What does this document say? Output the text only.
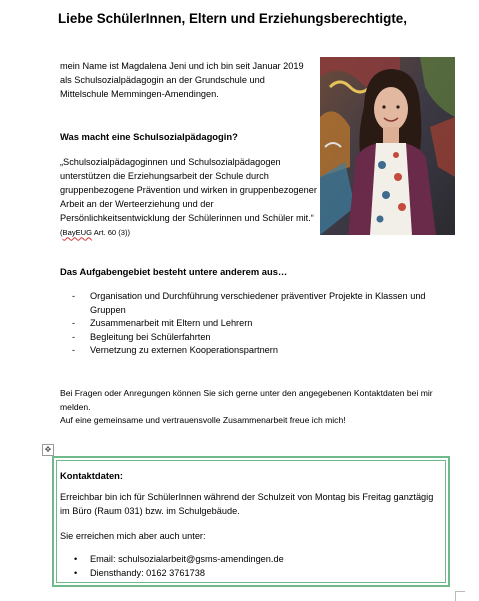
Liebe SchülerInnen, Eltern und Erziehungsberechtigte,
mein Name ist Magdalena Jeni und ich bin seit Januar 2019 als Schulsozialpädagogin an der Grundschule und Mittelschule Memmingen-Amendingen.
Was macht eine Schulsozialpädagogin?
„Schulsozialpädagoginnen und Schulsozialpädagogen unterstützen die Erziehungsarbeit der Schule durch gruppenbezogene Prävention und wirken in gruppenbezogener Arbeit an der Werteerziehung und der Persönlichkeitsentwicklung der Schülerinnen und Schüler mit.“ (BayEUG Art. 60 (3))
Das Aufgabengebiet besteht untere anderem aus…
- Organisation und Durchführung verschiedener präventiver Projekte in Klassen und Gruppen
- Zusammenarbeit mit Eltern und Lehrern
- Begleitung bei Schülerfahrten
- Vernetzung zu externen Kooperationspartnern
Bei Fragen oder Anregungen können Sie sich gerne unter den angegebenen Kontaktdaten bei mir melden.
Auf eine gemeinsame und vertrauensvolle Zusammenarbeit freue ich mich!
✥
Kontaktdaten:
Erreichbar bin ich für SchülerInnen während der Schulzeit von Montag bis Freitag ganztägig im Büro (Raum 031) bzw. im Schulgebäude.
Sie erreichen mich aber auch unter:
• Email: schulsozialarbeit@gsms-amendingen.de
• Diensthandy: 0162 3761738
